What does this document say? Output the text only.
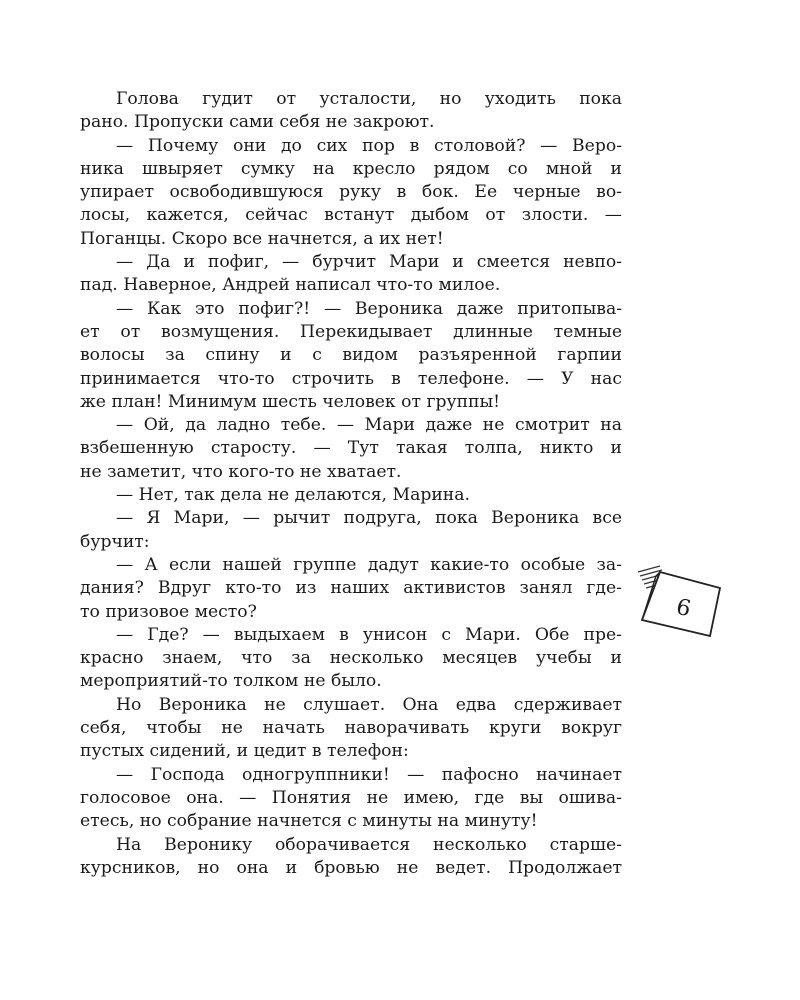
Голова гудит от усталости, но уходить пока
рано. Пропуски сами себя не закроют.
— Почему они до сих пор в столовой? — Веро-
ника швыряет сумку на кресло рядом со мной и
упирает освободившуюся руку в бок. Ее черные во-
лосы, кажется, сейчас встанут дыбом от злости. —
Поганцы. Скоро все начнется, а их нет!
— Да и пофиг, — бурчит Мари и смеется невпо-
пад. Наверное, Андрей написал что-то милое.
— Как это пофиг?! — Вероника даже притопыва-
ет от возмущения. Перекидывает длинные темные
волосы за спину и с видом разъяренной гарпии
принимается что-то строчить в телефоне. — У нас
же план! Минимум шесть человек от группы!
— Ой, да ладно тебе. — Мари даже не смотрит на
взбешенную старосту. — Тут такая толпа, никто и
не заметит, что кого-то не хватает.
— Нет, так дела не делаются, Марина.
— Я Мари, — рычит подруга, пока Вероника все
бурчит:
— А если нашей группе дадут какие-то особые за-
дания? Вдруг кто-то из наших активистов занял где-
то призовое место?
— Где? — выдыхаем в унисон с Мари. Обе пре-
красно знаем, что за несколько месяцев учебы и
мероприятий-то толком не было.
Но Вероника не слушает. Она едва сдерживает
себя, чтобы не начать наворачивать круги вокруг
пустых сидений, и цедит в телефон:
— Господа одногруппники! — пафосно начинает
голосовое она. — Понятия не имею, где вы ошива-
етесь, но собрание начнется с минуты на минуту!
На Веронику оборачивается несколько старше-
курсников, но она и бровью не ведет. Продолжает
9
